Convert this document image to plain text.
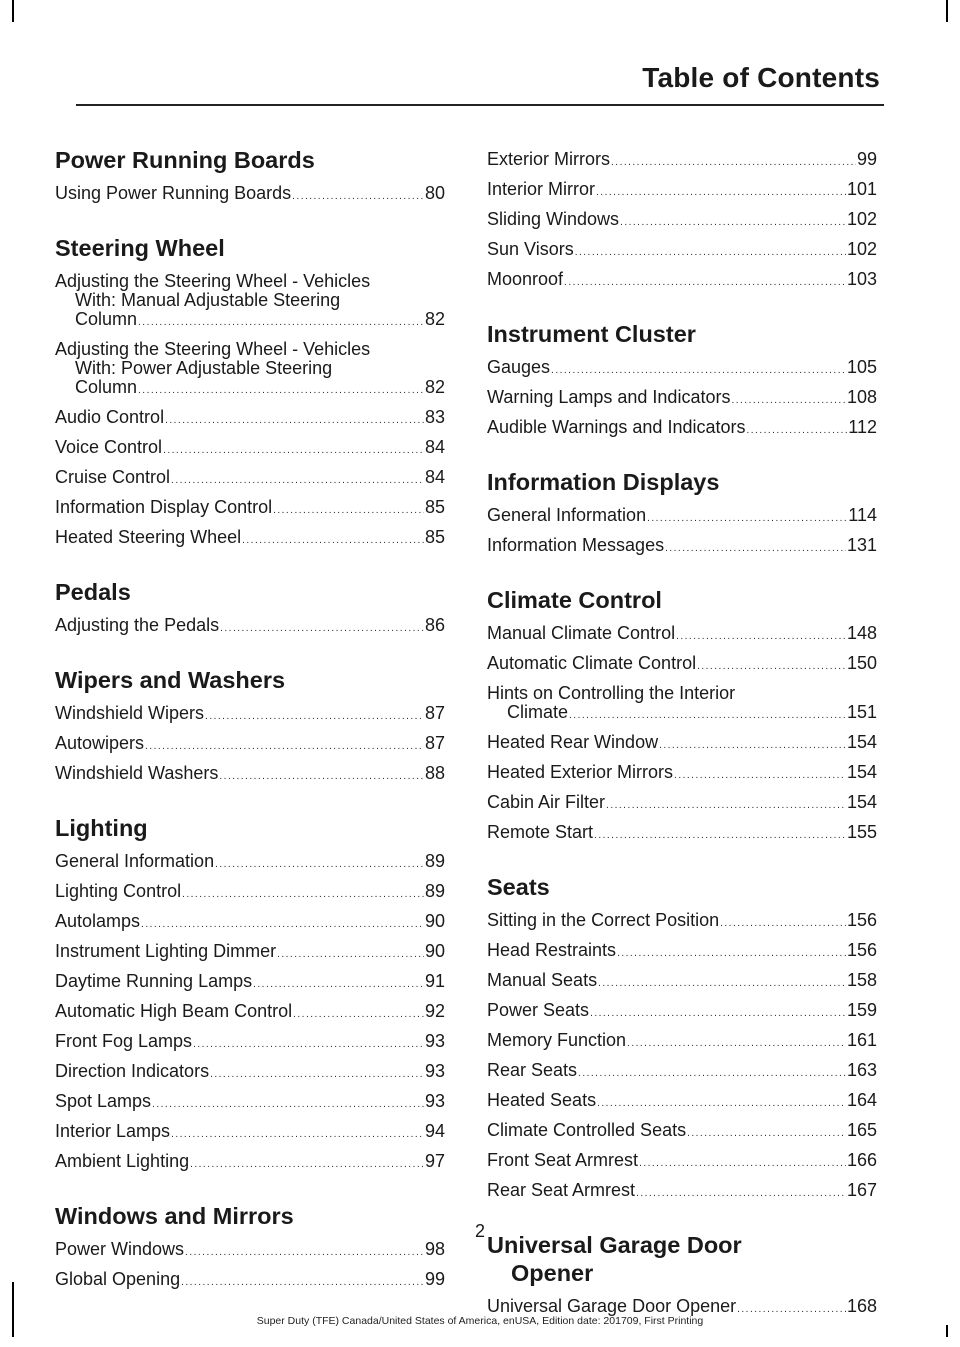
Table of Contents
Power Running Boards
Using Power Running Boards .....	80
Steering Wheel
Adjusting the Steering Wheel - Vehicles
With: Manual Adjustable Steering
Column .....	82
Adjusting the Steering Wheel - Vehicles
With: Power Adjustable Steering
Column .....	82
Audio Control .....	83
Voice Control .....	84
Cruise Control .....	84
Information Display Control .....	85
Heated Steering Wheel .....	85
Pedals
Adjusting the Pedals .....	86
Wipers and Washers
Windshield Wipers .....	87
Autowipers .....	87
Windshield Washers .....	88
Lighting
General Information .....	89
Lighting Control .....	89
Autolamps .....	90
Instrument Lighting Dimmer .....	90
Daytime Running Lamps .....	91
Automatic High Beam Control .....	92
Front Fog Lamps .....	93
Direction Indicators .....	93
Spot Lamps .....	93
Interior Lamps .....	94
Ambient Lighting .....	97
Windows and Mirrors
Power Windows .....	98
Global Opening .....	99
Exterior Mirrors .....	99
Interior Mirror .....	101
Sliding Windows .....	102
Sun Visors .....	102
Moonroof .....	103
Instrument Cluster
Gauges .....	105
Warning Lamps and Indicators .....	108
Audible Warnings and Indicators .....	112
Information Displays
General Information .....	114
Information Messages .....	131
Climate Control
Manual Climate Control .....	148
Automatic Climate Control .....	150
Hints on Controlling the Interior
Climate .....	151
Heated Rear Window .....	154
Heated Exterior Mirrors .....	154
Cabin Air Filter .....	154
Remote Start .....	155
Seats
Sitting in the Correct Position .....	156
Head Restraints .....	156
Manual Seats .....	158
Power Seats .....	159
Memory Function .....	161
Rear Seats .....	163
Heated Seats .....	164
Climate Controlled Seats .....	165
Front Seat Armrest .....	166
Rear Seat Armrest .....	167
Universal Garage Door
Opener
Universal Garage Door Opener .....	168
2
Super Duty (TFE) Canada/United States of America, enUSA, Edition date: 201709, First Printing
